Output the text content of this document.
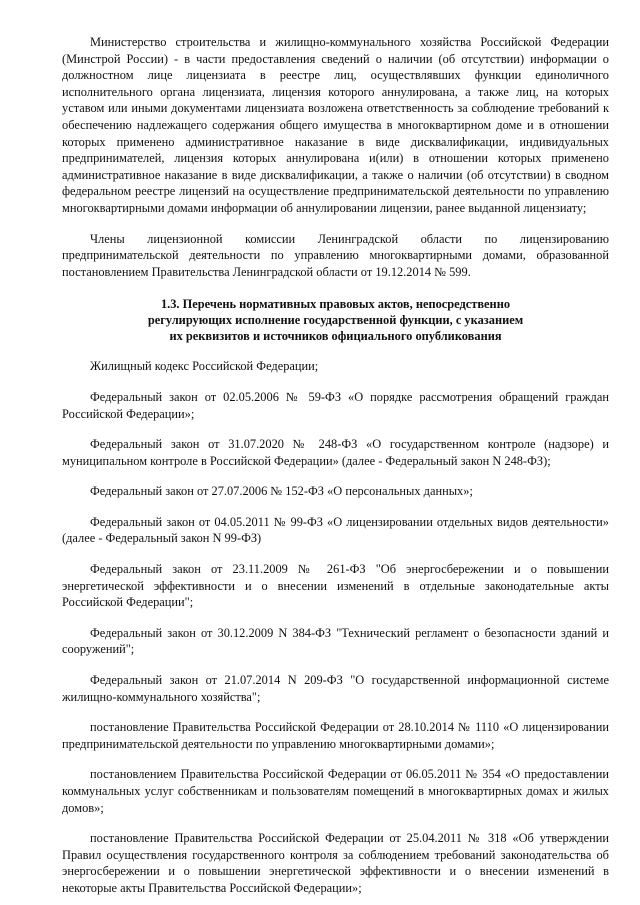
Министерство строительства и жилищно-коммунального хозяйства Российской Федерации (Минстрой России) - в части предоставления сведений о наличии (об отсутствии) информации о должностном лице лицензиата в реестре лиц, осуществлявших функции единоличного исполнительного органа лицензиата, лицензия которого аннулирована, а также лиц, на которых уставом или иными документами лицензиата возложена ответственность за соблюдение требований к обеспечению надлежащего содержания общего имущества в многоквартирном доме и в отношении которых применено административное наказание в виде дисквалификации, индивидуальных предпринимателей, лицензия которых аннулирована и(или) в отношении которых применено административное наказание в виде дисквалификации, а также о наличии (об отсутствии) в сводном федеральном реестре лицензий на осуществление предпринимательской деятельности по управлению многоквартирными домами информации об аннулировании лицензии, ранее выданной лицензиату;

Члены лицензионной комиссии Ленинградской области по лицензированию предпринимательской деятельности по управлению многоквартирными домами, образованной постановлением Правительства Ленинградской области от 19.12.2014 № 599.

1.3. Перечень нормативных правовых актов, непосредственно
регулирующих исполнение государственной функции, с указанием
их реквизитов и источников официального опубликования

Жилищный кодекс Российской Федерации;

Федеральный закон от 02.05.2006 № 59-ФЗ «О порядке рассмотрения обращений граждан Российской Федерации»;

Федеральный закон от 31.07.2020 № 248-ФЗ «О государственном контроле (надзоре) и муниципальном контроле в Российской Федерации» (далее - Федеральный закон N 248-ФЗ);

Федеральный закон от 27.07.2006 № 152-ФЗ «О персональных данных»;

Федеральный закон от 04.05.2011 № 99-ФЗ «О лицензировании отдельных видов деятельности» (далее - Федеральный закон N 99-ФЗ)

Федеральный закон от 23.11.2009 № 261-ФЗ "Об энергосбережении и о повышении энергетической эффективности и о внесении изменений в отдельные законодательные акты Российской Федерации";

Федеральный закон от 30.12.2009 N 384-ФЗ "Технический регламент о безопасности зданий и сооружений";

Федеральный закон от 21.07.2014 N 209-ФЗ "О государственной информационной системе жилищно-коммунального хозяйства";

постановление Правительства Российской Федерации от 28.10.2014 № 1110 «О лицензировании предпринимательской деятельности по управлению многоквартирными домами»;

постановлением Правительства Российской Федерации от 06.05.2011 № 354 «О предоставлении коммунальных услуг собственникам и пользователям помещений в многоквартирных домах и жилых домов»;

постановление Правительства Российской Федерации от 25.04.2011 № 318 «Об утверждении Правил осуществления государственного контроля за соблюдением требований законодательства об энергосбережении и о повышении энергетической эффективности и о внесении изменений в некоторые акты Правительства Российской Федерации»;
